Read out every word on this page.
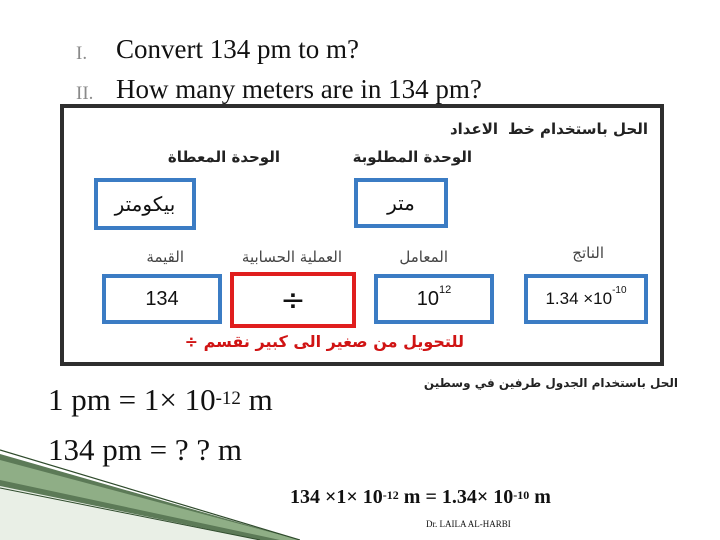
I.	Convert 134 pm to m?
II. How many meters are in 134 pm?
الحل باستخدام خط
الاعداد
الوحدة المعطاة	الوحدة المطلوبة
بيكومتر	متر
القيمة	العملية الحسابية	المعامل	الناتج
134	÷	$10^{12}$	$1.34 \times 10^{-10}$
للتحويل من صغير الى كبير نقسم ÷
1 pm = $1\times 10^{-12}$ m
134 pm = ? ? m
الحل باستخدام الجدول طرفين في وسطين
$134 \times 1\times 10^{-12}$ $m = 1.34\times 10^{-10}$ m
Dr. LAILA AL-HARBI
